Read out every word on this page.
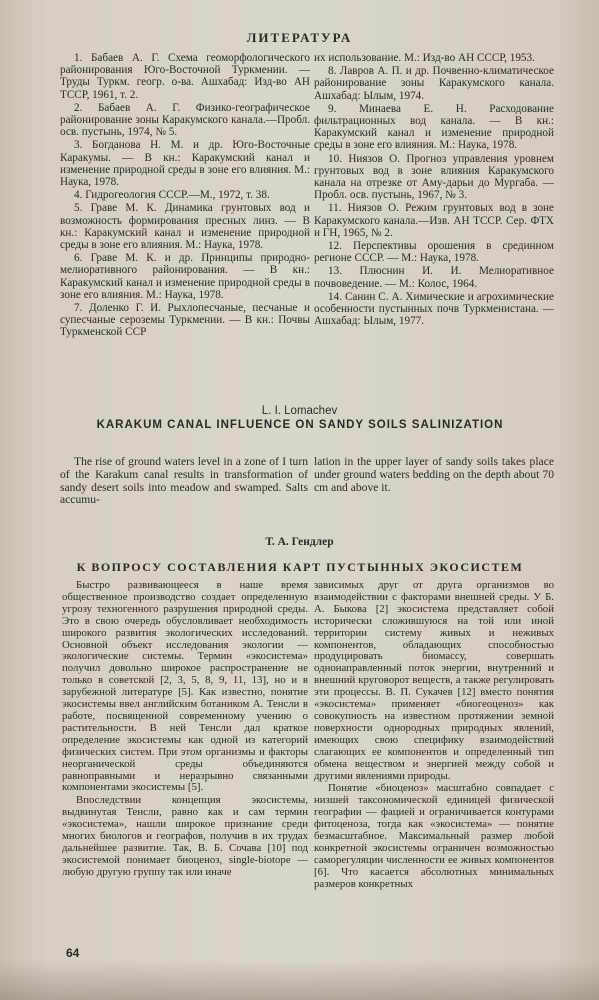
ЛИТЕРАТУРА

1. Бабаев А. Г. Схема геоморфологического районирования Юго-Восточной Туркмении. — Труды Туркм. геогр. о-ва. Ашхабад: Изд-во АН ТССР, 1961, т. 2.

2. Бабаев А. Г. Физико-географическое районирование зоны Каракумского канала.—Пробл. осв. пустынь, 1974, № 5.

3. Богданова Н. М. и др. Юго-Восточные Каракумы. — В кн.: Каракумский канал и изменение природной среды в зоне его влияния. М.: Наука, 1978.

4. Гидрогеология СССР.—М., 1972, т. 38.

5. Граве М. К. Динамика грунтовых вод и возможность формирования пресных линз. — В кн.: Каракумский канал и изменение природной среды в зоне его влияния. М.: Наука, 1978.

6. Граве М. К. и др. Принципы природно-мелиоративного районирования. — В кн.: Каракумский канал и изменение природной среды в зоне его влияния. М.: Наука, 1978.

7. Доленко Г. И. Рыхлопесчаные, песчаные и супесчаные сероземы Туркмении. — В кн.: Почвы Туркменской ССР

их использование. М.: Изд-во АН СССР, 1953.

8. Лавров А. П. и др. Почвенно-климатическое районирование зоны Каракумского канала. Ашхабад: Ылым, 1974.

9. Минаева Е. Н. Расходование фильтрационных вод канала. — В кн.: Каракумский канал и изменение природной среды в зоне его влияния. М.: Наука, 1978.

10. Ниязов О. Прогноз управления уровнем грунтовых вод в зоне влияния Каракумского канала на отрезке от Аму-дарьи до Мургаба. — Пробл. осв. пустынь, 1967, № 3.

11. Ниязов О. Режим грунтовых вод в зоне Каракумского канала.—Изв. АН ТССР. Сер. ФТХ и ГН, 1965, № 2.

12. Перспективы орошения в срединном регионе СССР. — М.: Наука, 1978.

13. Плюснин И. И. Мелиоративное почвоведение. — М.: Колос, 1964.

14. Санин С. А. Химические и агрохимические особенности пустынных почв Туркменистана. — Ашхабад: Ылым, 1977.

L. I. Lomachev
KARAKUM CANAL INFLUENCE ON SANDY SOILS SALINIZATION

The rise of ground waters level in a zone of I turn of the Karakum canal results in transformation of sandy desert soils into meadow and swamped. Salts accumu-

lation in the upper layer of sandy soils takes place under ground waters bedding on the depth about 70 cm and above it.

Т. А. Гендлер
К ВОПРОСУ СОСТАВЛЕНИЯ КАРТ ПУСТЫННЫХ ЭКОСИСТЕМ

Быстро развивающееся в наше время общественное производство создает определенную угрозу техногенного разрушения природной среды. Это в свою очередь обусловливает необходимость широкого развития экологических исследований. Основной объект исследования экологии — экологические системы. Термин «экосистема» получил довольно широкое распространение не только в советской [2, 3, 5, 8, 9, 11, 13], но и в зарубежной литературе [5]. Как известно, понятие экосистемы ввел английским ботаником А. Тенсли в работе, посвященной современному учению о растительности. В ней Тенсли дал краткое определение экосистемы как одной из категорий физических систем. При этом организмы и факторы неорганической среды объединяются равноправными и неразрывно связанными компонентами экосистемы [5].

Впоследствии концепция экосистемы, выдвинутая Тенсли, равно как и сам термин «экосистема», нашли широкое признание среди многих биологов и географов, получив в их трудах дальнейшее развитие. Так, В. Б. Сочава [10] под экосистемой понимает биоценоз, single-biotope — любую другую группу так или иначе

зависимых друг от друга организмов во взаимодействии с факторами внешней среды. У Б. А. Быкова [2] экосистема представляет собой исторически сложившуюся на той или иной территории систему живых и неживых компонентов, обладающих способностью продуцировать биомассу, совершать однонаправленный поток энергии, внутренний и внешний круговорот веществ, а также регулировать эти процессы. В. П. Сукачев [12] вместо понятия «экосистема» применяет «биогеоценоз» как совокупность на известном протяжении земной поверхности однородных природных явлений, имеющих свою специфику взаимодействий слагающих ее компонентов и определенный тип обмена веществом и энергией между собой и другими явлениями природы.

Понятие «биоценоз» масштабно совпадает с низшей таксономической единицей физической географии — фацией и ограничивается контурами фитоценоза, тогда как «экосистема» — понятие безмасштабное. Максимальный размер любой конкретной экосистемы ограничен возможностью саморегуляции численности ее живых компонентов [6]. Что касается абсолютных минимальных размеров конкретных

64
